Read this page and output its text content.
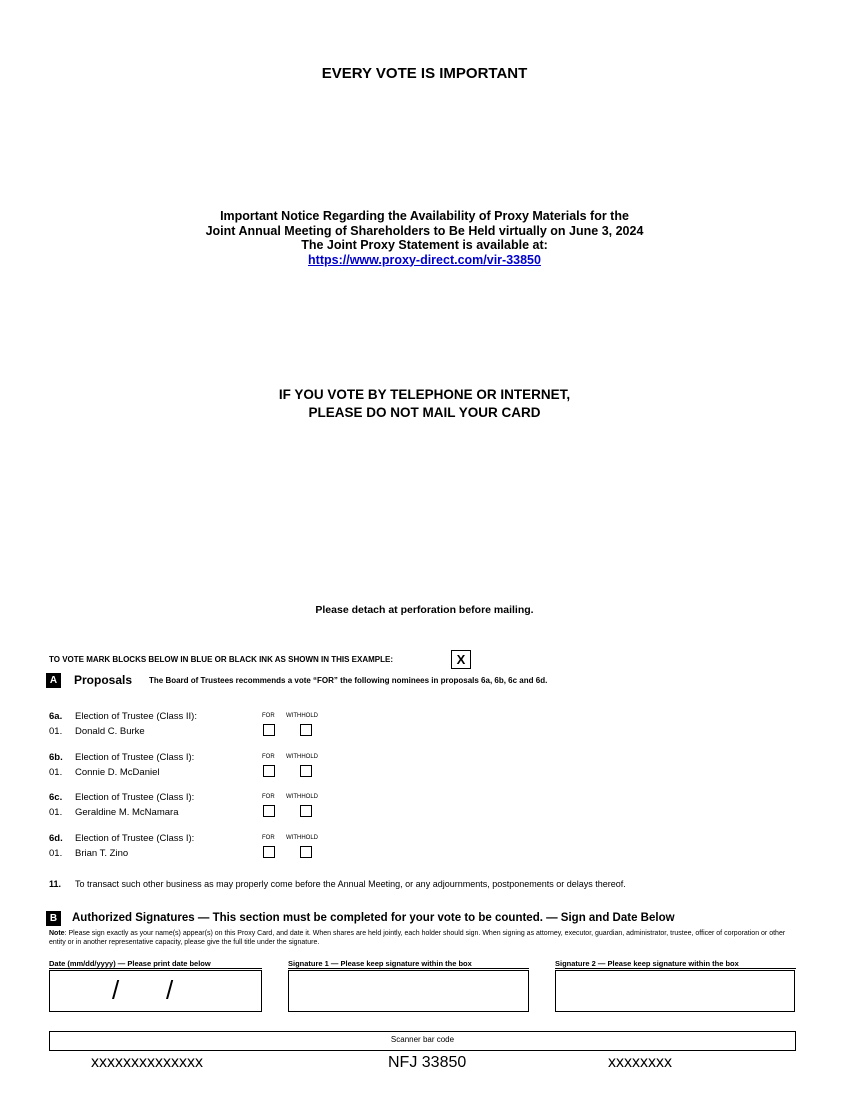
EVERY VOTE IS IMPORTANT
Important Notice Regarding the Availability of Proxy Materials for the
Joint Annual Meeting of Shareholders to Be Held virtually on June 3, 2024
The Joint Proxy Statement is available at:
https://www.proxy-direct.com/vir-33850
IF YOU VOTE BY TELEPHONE OR INTERNET,
PLEASE DO NOT MAIL YOUR CARD
Please detach at perforation before mailing.
TO VOTE MARK BLOCKS BELOW IN BLUE OR BLACK INK AS SHOWN IN THIS EXAMPLE:	X
A	Proposals The Board of Trustees recommends a vote “FOR” the following nominees in proposals 6a, 6b, 6c and 6d.
6a. Election of Trustee (Class II):
01. Donald C. Burke
FOR WITHHOLD
6b. Election of Trustee (Class I):
01. Connie D. McDaniel
FOR WITHHOLD
6c. Election of Trustee (Class I):
01. Geraldine M. McNamara
FOR WITHHOLD
6d. Election of Trustee (Class I):
01. Brian T. Zino
FOR WITHHOLD
11. To transact such other business as may properly come before the Annual Meeting, or any adjournments, postponements or delays thereof.
B	Authorized Signatures — This section must be completed for your vote to be counted. — Sign and Date Below
Note: Please sign exactly as your name(s) appear(s) on this Proxy Card, and date it. When shares are held jointly, each holder should sign. When signing as attorney, executor, guardian, administrator, trustee, officer of corporation or other entity or in another representative capacity, please give the full title under the signature.
Date (mm/dd/yyyy) — Please print date below
/ /
Signature 1 — Please keep signature within the box	Signature 2 — Please keep signature within the box
Scanner bar code
xxxxxxxxxxxxxx	NFJ 33850	xxxxxxxx
